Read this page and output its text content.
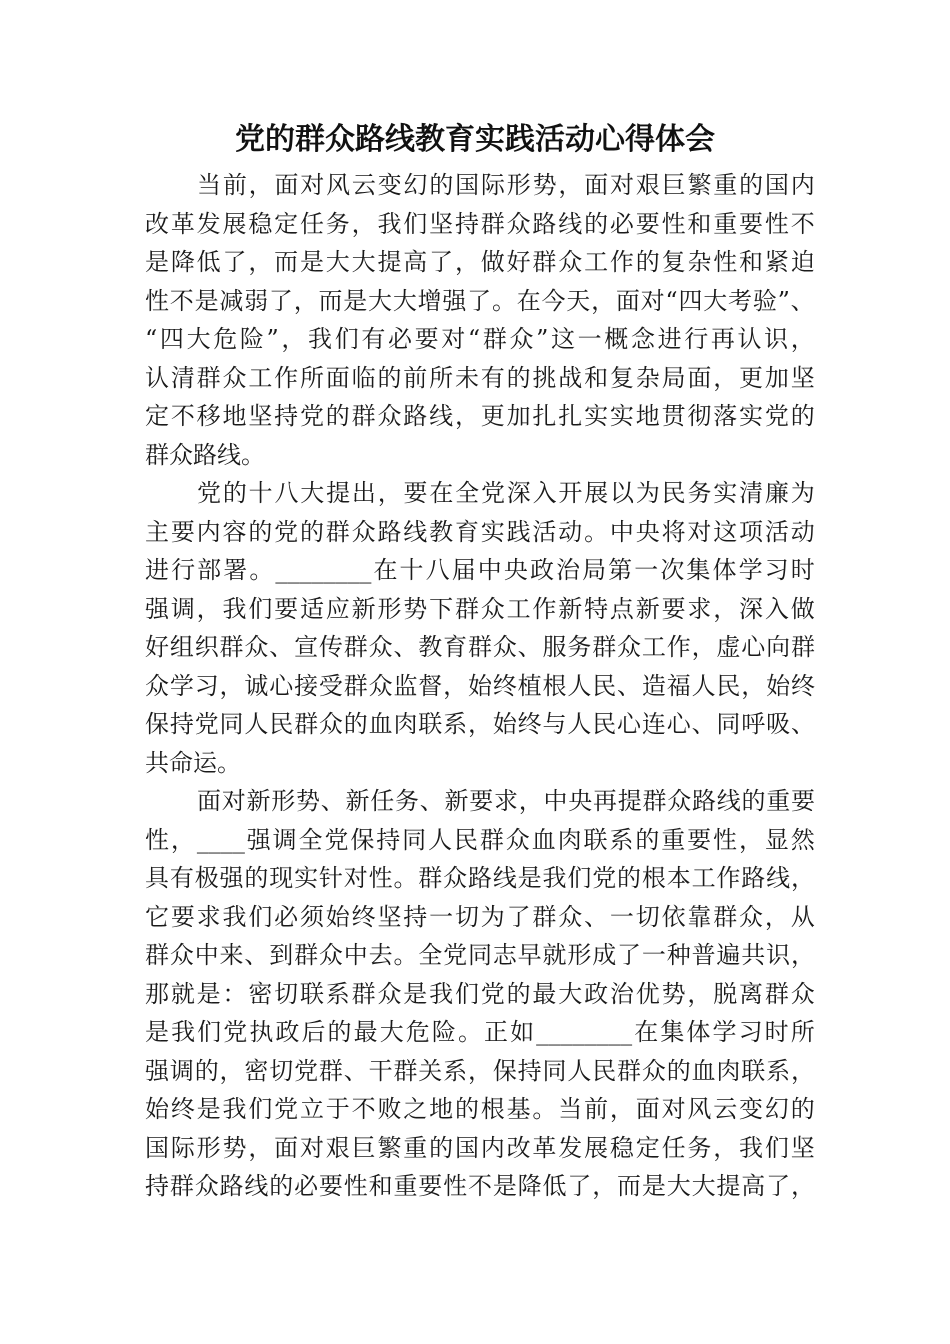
党的群众路线教育实践活动心得体会
当 前 ， 面 对 风 云 变 幻 的 国 际 形 势 ， 面 对 艰 巨 繁 重 的 国 内
改 革 发 展 稳 定 任 务 ， 我 们 坚 持 群 众 路 线 的 必 要 性 和 重 要 性 不
是 降 低 了 ， 而 是 大 大 提 高 了 ， 做 好 群 众 工 作 的 复 杂 性 和 紧 迫
性 不 是 减 弱 了 ， 而 是 大 大 增 强 了 。 在 今 天 ， 面 对 “ 四 大 考 验 ” 、
“ 四 大 危 险 ” ， 我 们 有 必 要 对 “ 群 众 ” 这 一 概 念 进 行 再 认 识 ，
认 清 群 众 工 作 所 面 临 的 前 所 未 有 的 挑 战 和 复 杂 局 面 ， 更 加 坚
定 不 移 地 坚 持 党 的 群 众 路 线 ， 更 加 扎 扎 实 实 地 贯 彻 落 实 党 的
群众路线。
党 的 十 八 大 提 出 ， 要 在 全 党 深 入 开 展 以 为 民 务 实 清 廉 为
主 要 内 容 的 党 的 群 众 路 线 教 育 实 践 活 动 。 中 央 将 对 这 项 活 动
进 行 部 署 。 ________ 在 十 八 届 中 央 政 治 局 第 一 次 集 体 学 习 时
强 调 ， 我 们 要 适 应 新 形 势 下 群 众 工 作 新 特 点 新 要 求 ， 深 入 做
好 组 织 群 众 、 宣 传 群 众 、 教 育 群 众 、 服 务 群 众 工 作 ， 虚 心 向 群
众 学 习 ， 诚 心 接 受 群 众 监 督 ， 始 终 植 根 人 民 、 造 福 人 民 ， 始 终
保 持 党 同 人 民 群 众 的 血 肉 联 系 ， 始 终 与 人 民 心 连 心 、 同 呼 吸 、
共命运。
面 对 新 形 势 、 新 任 务 、 新 要 求 ， 中 央 再 提 群 众 路 线 的 重 要
性 ， ____ 强 调 全 党 保 持 同 人 民 群 众 血 肉 联 系 的 重 要 性 ， 显 然
具 有 极 强 的 现 实 针 对 性 。 群 众 路 线 是 我 们 党 的 根 本 工 作 路 线 ，
它 要 求 我 们 必 须 始 终 坚 持 一 切 为 了 群 众 、 一 切 依 靠 群 众 ， 从
群 众 中 来 、 到 群 众 中 去 。 全 党 同 志 早 就 形 成 了 一 种 普 遍 共 识 ，
那 就 是 ： 密 切 联 系 群 众 是 我 们 党 的 最 大 政 治 优 势 ， 脱 离 群 众
是 我 们 党 执 政 后 的 最 大 危 险 。 正 如 ________ 在 集 体 学 习 时 所
强 调 的 ， 密 切 党 群 、 干 群 关 系 ， 保 持 同 人 民 群 众 的 血 肉 联 系 ，
始 终 是 我 们 党 立 于 不 败 之 地 的 根 基 。 当 前 ， 面 对 风 云 变 幻 的
国 际 形 势 ， 面 对 艰 巨 繁 重 的 国 内 改 革 发 展 稳 定 任 务 ， 我 们 坚
持 群 众 路 线 的 必 要 性 和 重 要 性 不 是 降 低 了 ， 而 是 大 大 提 高 了 ，
